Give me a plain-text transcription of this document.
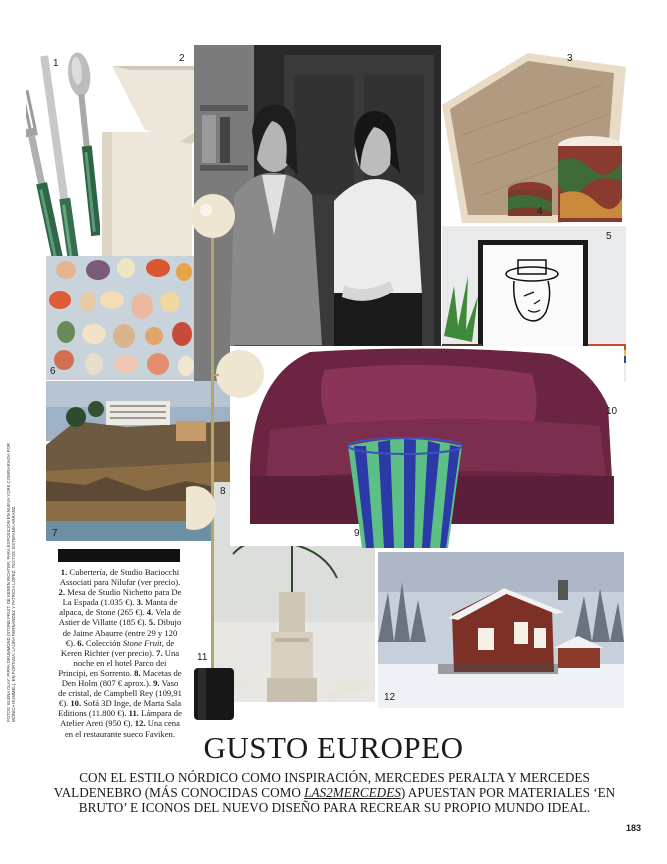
FOTOS: ELENA OLAY; PIPPA DRUMMOND (STONE FRUIT, DE KEREN RICHTER, PARA EXPOSICIÓN EN NUEVA YORK COMISARIADA POR MÓNICA HUMMEL). EN PORTADA: LAURA FERNÁNDEZ Y PATRICIA LÓPEZ. TEXTOS: ESTEFANÍA ARRANZ.
1	2	3
4
5
6
7
8
9
10
11
12
1. Cubertería, de Studio Baciocchi Associati para Nilufar (ver precio). 2. Mesa de Studio Nichetto para De La Espada (1.035 €). 3. Manta de alpaca, de Stone (265 €). 4. Vela de Astier de Villatte (185 €). 5. Dibujo de Jaime Abaurre (entre 29 y 120 €). 6. Colección Stone Fruit, de Keren Richter (ver precio). 7. Una noche en el hotel Parco dei Principi, en Sorrento. 8. Macetas de Den Holm (807 € aprox.). 9. Vaso de cristal, de Campbell Rey (109,91 €). 10. Sofá 3D Inge, de Marta Sala Editions (11.800 €). 11. Lámpara de Atelier Areti (950 €). 12. Una cena en el restaurante sueco Faviken. GUSTO EUROPEO

CON EL ESTILO NÓRDICO COMO INSPIRACIÓN, MERCEDES PERALTA Y MERCEDES VALDENEBRO (MÁS CONOCIDAS COMO LAS2MERCEDES) APUESTAN POR MATERIALES ‘EN BRUTO’ E ICONOS DEL NUEVO DISEÑO PARA RECREAR SU PROPIO MUNDO IDEAL.

183
